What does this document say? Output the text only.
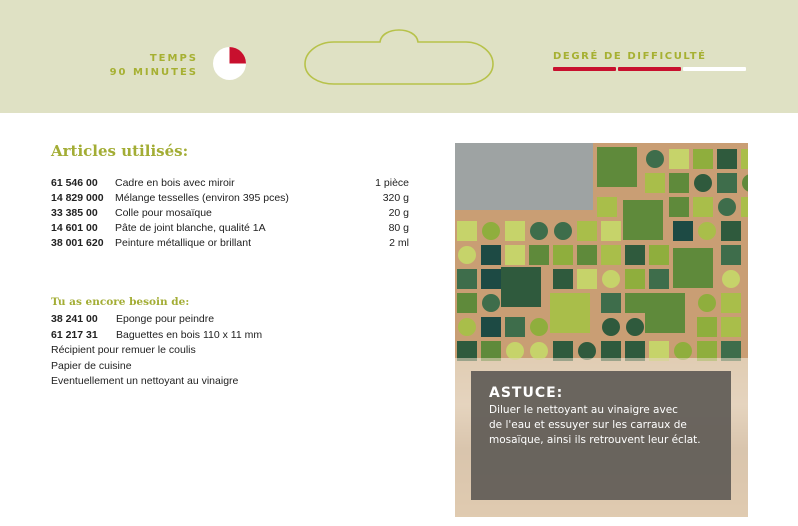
TEMPS
90 MINUTES
DEGRÉ DE DIFFICULTÉ
Articles utilisés:
61 546 00	Cadre en bois avec miroir	1 pièce
14 829 000	Mélange tesselles (environ 395 pces)	320 g
33 385 00	Colle pour mosaïque	20 g
14 601 00	Pâte de joint blanche, qualité 1A	80 g
38 001 620	Peinture métallique or brillant	2 ml
Tu as encore besoin de:
38 241 00	Eponge pour peindre
61 217 31	Baguettes en bois 110 x 11 mm
Récipient pour remuer le coulis
Papier de cuisine
Eventuellement un nettoyant au vinaigre
ASTUCE:
Diluer le nettoyant au vinaigre avec
de l'eau et essuyer sur les carraux de
mosaïque, ainsi ils retrouvent leur éclat.
